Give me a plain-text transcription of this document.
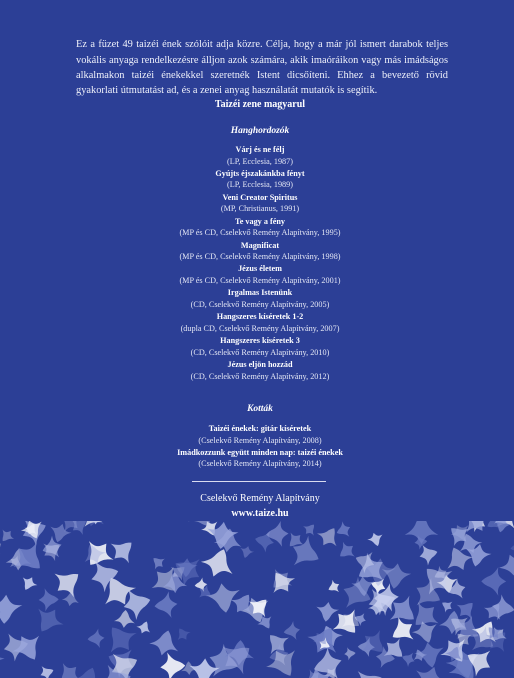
Ez a füzet 49 taizéi ének szólóit adja közre. Célja, hogy a már jól ismert darabok teljes vokális anyaga rendelkezésre álljon azok számára, akik imaóráikon vagy más imádságos alkalmakon taizéi énekekkel szeretnék Istent dicsőíteni. Ehhez a bevezető rövid gyakorlati útmutatást ad, és a zenei anyag használatát mutatók is segítik.

Taizéi zene magyarul
Hanghordozók
Várj és ne félj
(LP, Ecclesia, 1987)
Gyújts éjszakánkba fényt
(LP, Ecclesia, 1989)
Veni Creator Spiritus
(MP, Christianus, 1991)
Te vagy a fény
(MP és CD, Cselekvő Remény Alapítvány, 1995)
Magnificat
(MP és CD, Cselekvő Remény Alapítvány, 1998)
Jézus életem
(MP és CD, Cselekvő Remény Alapítvány, 2001)
Irgalmas Istenünk
(CD, Cselekvő Remény Alapítvány, 2005)
Hangszeres kíséretek 1-2
(dupla CD, Cselekvő Remény Alapítvány, 2007)
Hangszeres kíséretek 3
(CD, Cselekvő Remény Alapítvány, 2010)
Jézus eljön hozzád
(CD, Cselekvő Remény Alapítvány, 2012)
Kották
Taizéi énekek: gitár kíséretek
(Cselekvő Remény Alapítvány, 2008)
Imádkozzunk együtt minden nap: taizéi énekek
(Cselekvő Remény Alapítvány, 2014)
Cselekvő Remény Alapítvány
www.taize.hu
